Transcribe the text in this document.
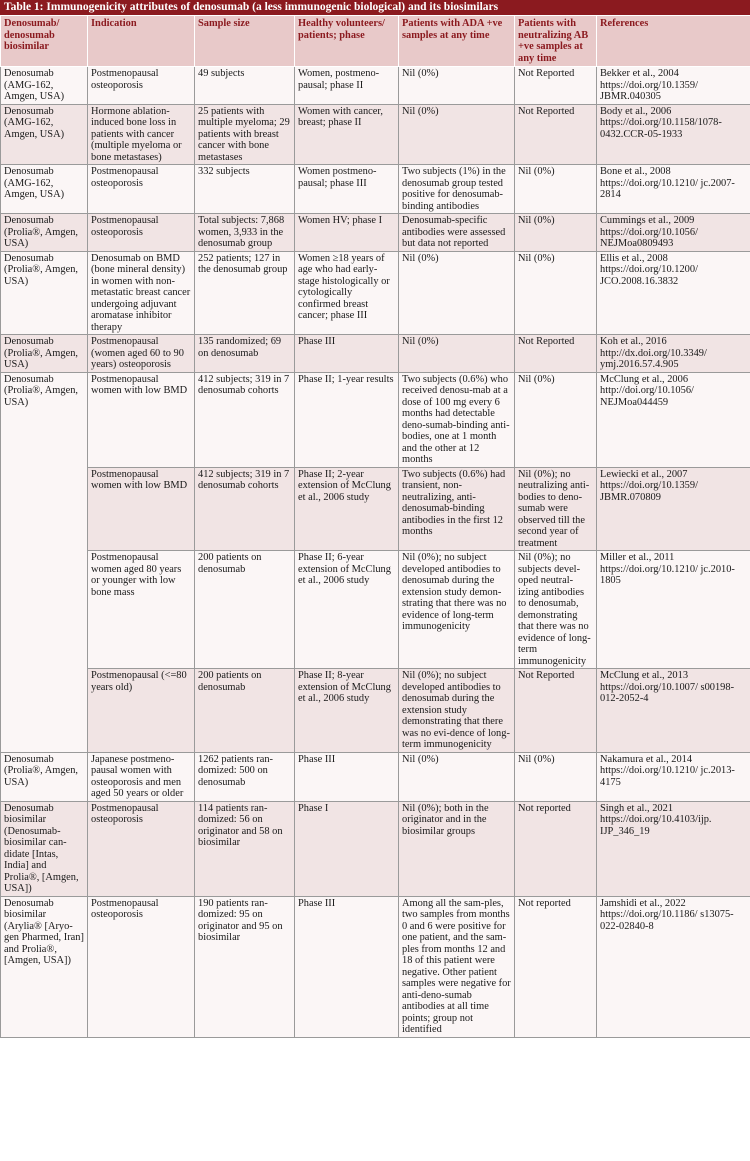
Table 1: Immunogenicity attributes of denosumab (a less immunogenic biological) and its biosimilars
Denosumab/ denosumab biosimilar	Indication	Sample size	Healthy volunteers/ patients; phase	Patients with ADA +ve samples at any time	Patients with neutralizing AB +ve samples at any time	References
Denosumab (AMG-162, Amgen, USA)	Postmenopausal osteoporosis	49 subjects	Women, postmeno-pausal; phase II	Nil (0%)	Not Reported	Bekker et al., 2004 https://doi.org/10.1359/ JBMR.040305
Denosumab (AMG-162, Amgen, USA)	Hormone ablation-induced bone loss in patients with cancer (multiple myeloma or bone metastases)	25 patients with multiple myeloma; 29 patients with breast cancer with bone metastases	Women with cancer, breast; phase II	Nil (0%)	Not Reported	Body et al., 2006 https://doi.org/10.1158/1078-0432.CCR-05-1933
Denosumab (AMG-162, Amgen, USA)	Postmenopausal osteoporosis	332 subjects	Women postmeno-pausal; phase III	Two subjects (1%) in the denosumab group tested positive for denosumab-binding antibodies	Nil (0%)	Bone et al., 2008 https://doi.org/10.1210/ jc.2007-2814
Denosumab (Prolia®, Amgen, USA)	Postmenopausal osteoporosis	Total subjects: 7,868 women, 3,933 in the denosumab group	Women HV; phase I	Denosumab-specific antibodies were assessed but data not reported	Nil (0%)	Cummings et al., 2009 https://doi.org/10.1056/ NEJMoa0809493
Denosumab (Prolia®, Amgen, USA)	Denosumab on BMD (bone mineral density) in women with non-metastatic breast cancer undergoing adjuvant aromatase inhibitor therapy	252 patients; 127 in the denosumab group	Women ≥18 years of age who had early-stage histologically or cytologically confirmed breast cancer; phase III	Nil (0%)	Nil (0%)	Ellis et al., 2008 https://doi.org/10.1200/ JCO.2008.16.3832
Denosumab (Prolia®, Amgen, USA)	Postmenopausal (women aged 60 to 90 years) osteoporosis	135 randomized; 69 on denosumab	Phase III	Nil (0%)	Not Reported	Koh et al., 2016 http://dx.doi.org/10.3349/ ymj.2016.57.4.905
Denosumab (Prolia®, Amgen, USA)	Postmenopausal women with low BMD	412 subjects; 319 in 7 denosumab cohorts	Phase II; 1-year results	Two subjects (0.6%) who received denosu-mab at a dose of 100 mg every 6 months had detectable deno-sumab-binding anti-bodies, one at 1 month and the other at 12 months	Nil (0%)	McClung et al., 2006 http://doi.org/10.1056/ NEJMoa044459
	Postmenopausal women with low BMD	412 subjects; 319 in 7 denosumab cohorts	Phase II; 2-year extension of McClung et al., 2006 study	Two subjects (0.6%) had transient, non-neutralizing, anti-denosumab-binding antibodies in the first 12 months	Nil (0%); no neutralizing anti-bodies to deno-sumab were observed till the second year of treatment	Lewiecki et al., 2007 https://doi.org/10.1359/ JBMR.070809
	Postmenopausal women aged 80 years or younger with low bone mass	200 patients on denosumab	Phase II; 6-year extension of McClung et al., 2006 study	Nil (0%); no subject developed antibodies to denosumab during the extension study demon-strating that there was no evidence of long-term immunogenicity	Nil (0%); no subjects devel-oped neutral-izing antibodies to denosumab, demonstrating that there was no evidence of long-term immunogenicity	Miller et al., 2011 https://doi.org/10.1210/ jc.2010-1805
	Postmenopausal (<=80 years old)	200 patients on denosumab	Phase II; 8-year extension of McClung et al., 2006 study	Nil (0%); no subject developed antibodies to denosumab during the extension study demonstrating that there was no evi-dence of long-term immunogenicity	Not Reported	McClung et al., 2013 https://doi.org/10.1007/ s00198-012-2052-4
Denosumab (Prolia®, Amgen, USA)	Japanese postmeno-pausal women with osteoporosis and men aged 50 years or older	1262 patients ran-domized: 500 on denosumab	Phase III	Nil (0%)	Nil (0%)	Nakamura et al., 2014 https://doi.org/10.1210/ jc.2013-4175
Denosumab biosimilar (Denosumab-biosimilar can-didate [Intas, India] and Prolia®, [Amgen, USA])	Postmenopausal osteoporosis	114 patients ran-domized: 56 on originator and 58 on biosimilar	Phase I	Nil (0%); both in the originator and in the biosimilar groups	Not reported	Singh et al., 2021 https://doi.org/10.4103/ijp. IJP_346_19
Denosumab biosimilar (Arylia® [Aryo-gen Pharmed, Iran] and Prolia®, [Amgen, USA])	Postmenopausal osteoporosis	190 patients ran-domized: 95 on originator and 95 on biosimilar	Phase III	Among all the sam-ples, two samples from months 0 and 6 were positive for one patient, and the sam-ples from months 12 and 18 of this patient were negative. Other patient samples were negative for anti-deno-sumab antibodies at all time points; group not identified	Not reported	Jamshidi et al., 2022 https://doi.org/10.1186/ s13075-022-02840-8
